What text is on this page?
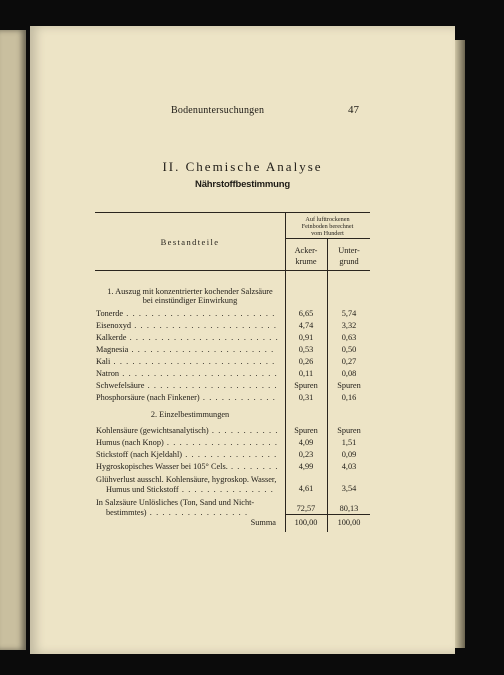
Bodenuntersuchungen	47
II. Chemische Analyse
Nährstoffbestimmung
Bestandteile
Auf lufttrockenen
Feinboden berechnet
vom Hundert
Acker-
krume
Unter-
grund
1. Auszug mit konzentrierter kochender Salzsäure
bei einstündiger Einwirkung
Tonerde . . .	6,65	5,74
Eisenoxyd . . .	4,74	3,32
Kalkerde . . .	0,91	0,63
Magnesia . . .	0,53	0,50
Kali . . .	0,26	0,27
Natron . . .	0,11	0,08
Schwefelsäure . . .	Spuren	Spuren
Phosphorsäure (nach Finkener) . . .	0,31	0,16
2. Einzelbestimmungen
Kohlensäure (gewichtsanalytisch) . . .	Spuren	Spuren
Humus (nach Knop) . . .	4,09	1,51
Stickstoff (nach Kjeldahl) . . .	0,23	0,09
Hygroskopisches Wasser bei 105° Cels. . . .	4,99	4,03
Glühverlust ausschl. Kohlensäure, hygroskop. Wasser,
Humus und Stickstoff . . . . . . . . . . . . . . .	4,61	3,54
In Salzsäure Unlösliches (Ton, Sand und Nicht-
bestimmtes) . . . . . . . . . . . . . . . .	72,57	80,13
Summa	100,00	100,00
